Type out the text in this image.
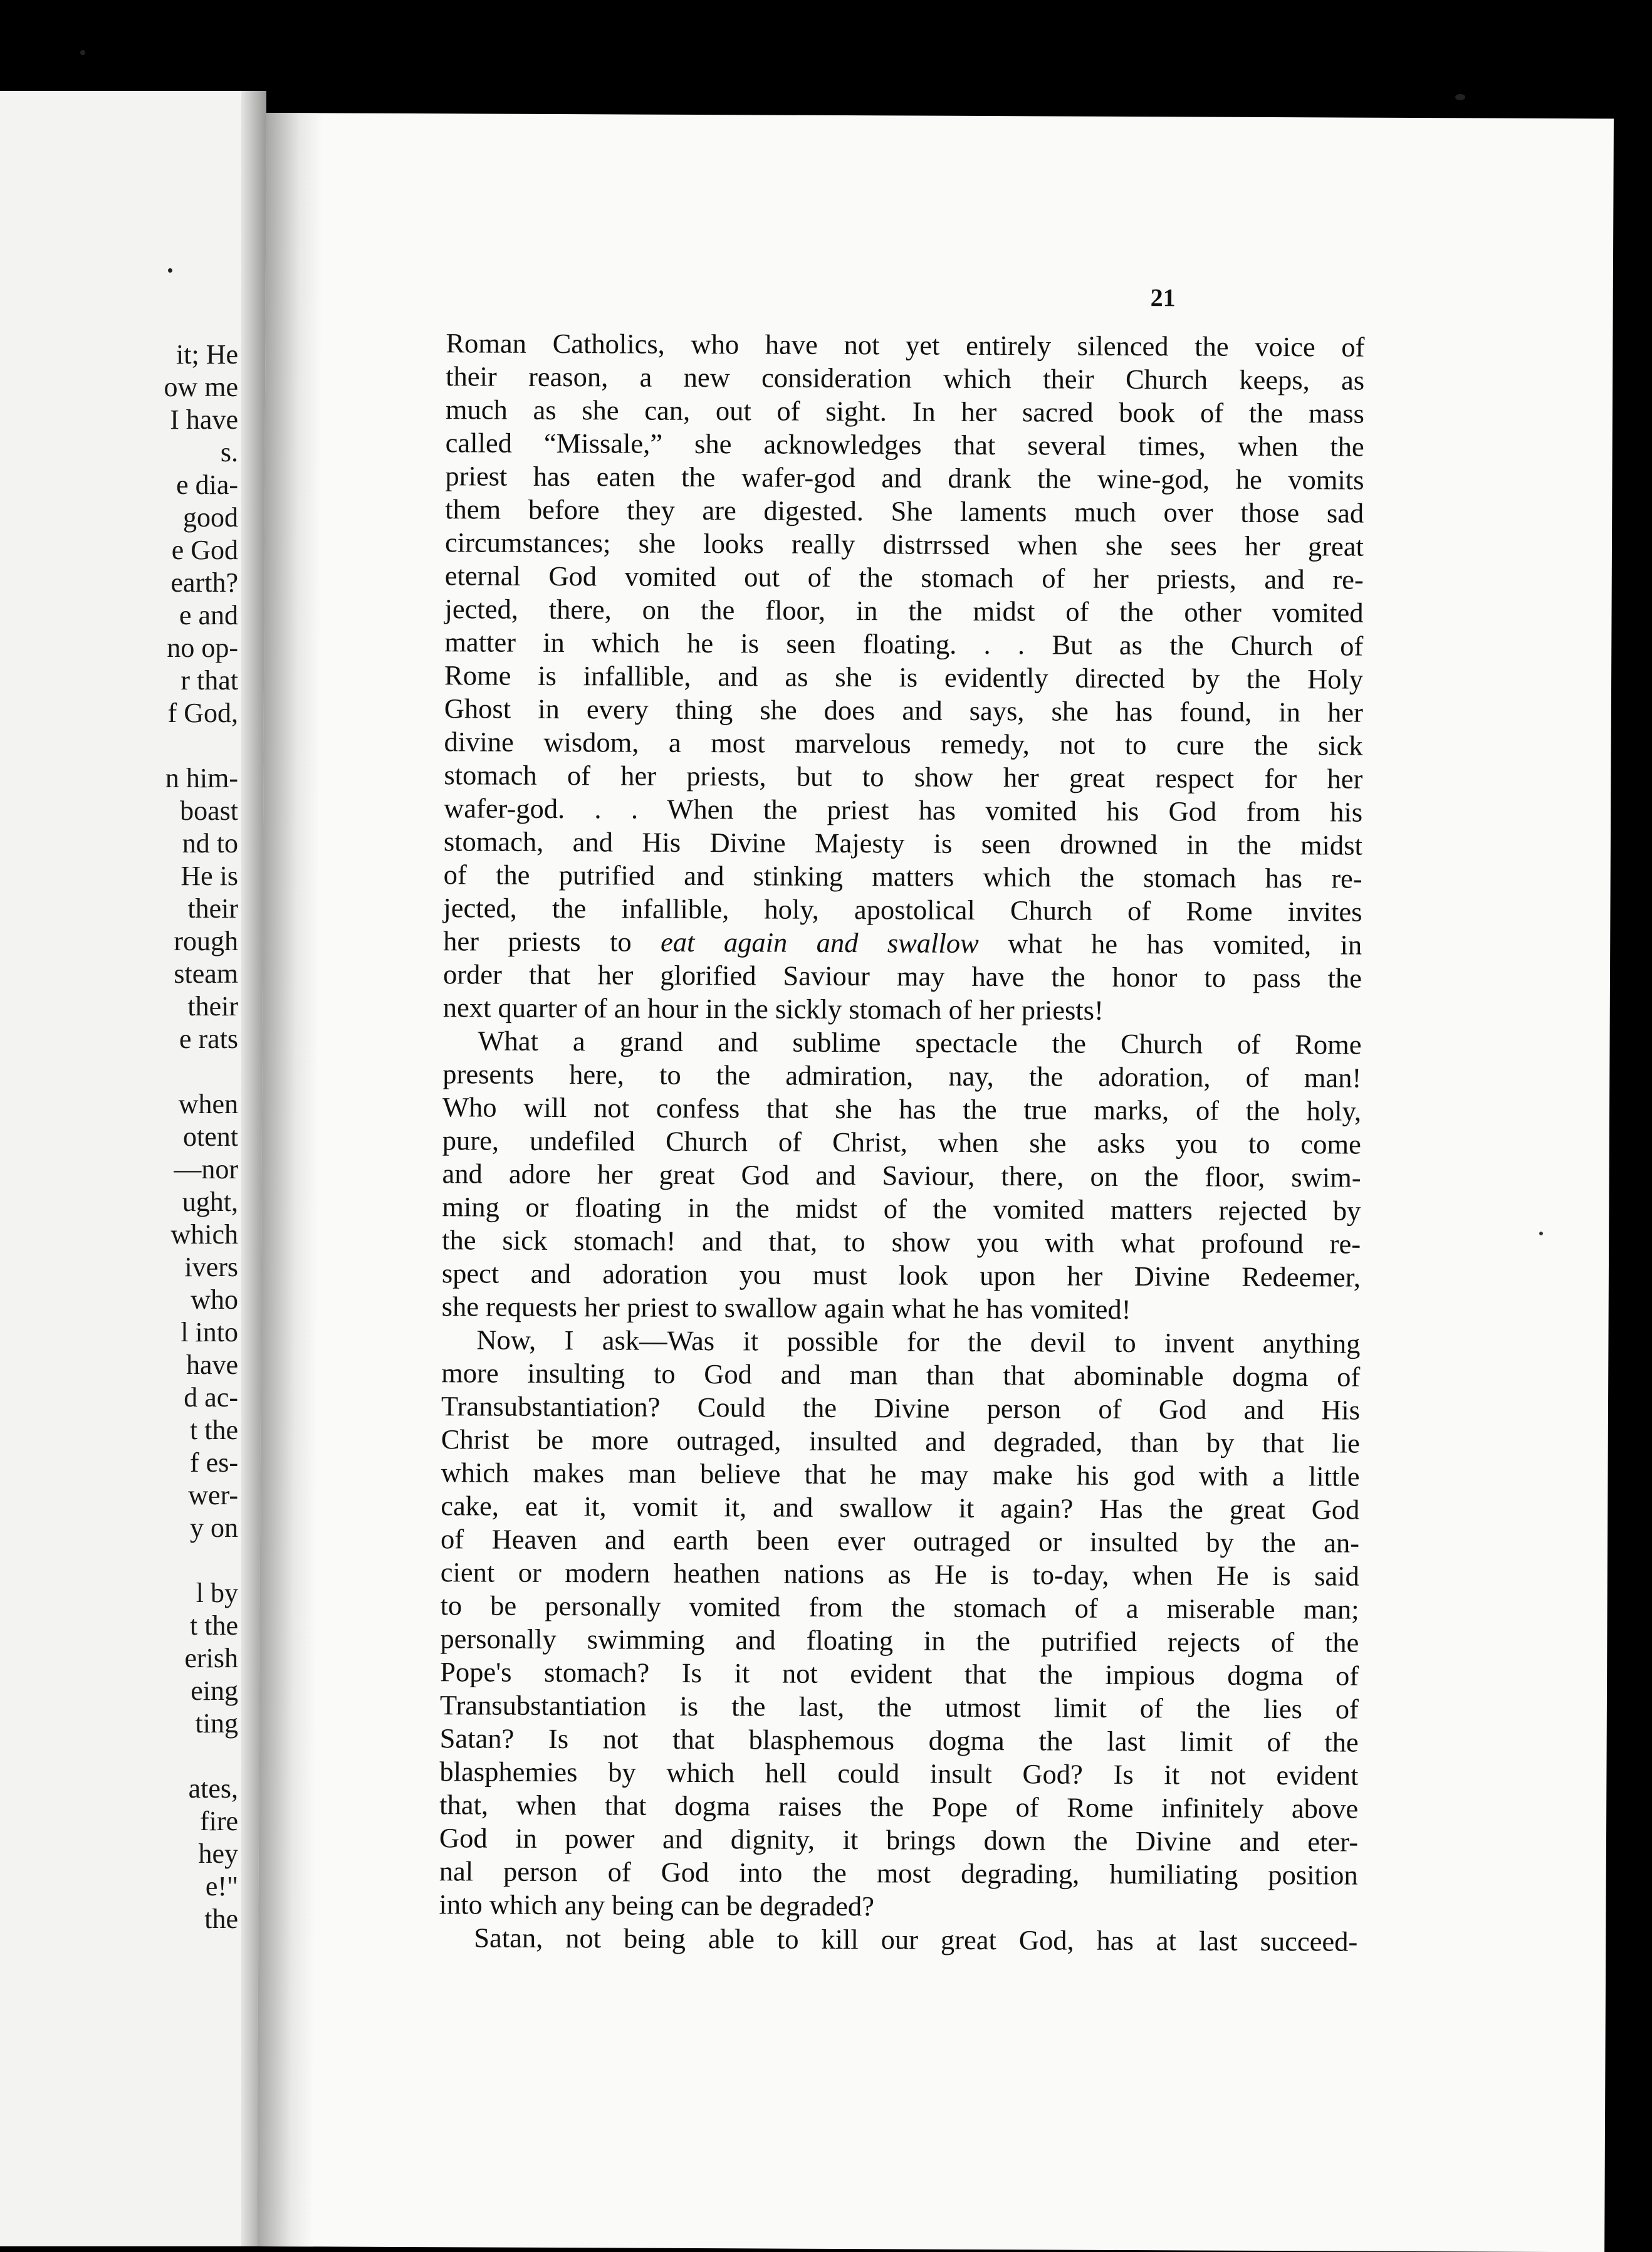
it; He
ow me
I have
s.
e dia-
good
e God
earth?
e and
no op-
r that
f God,
n him-
boast
nd to
He is
their
rough
steam
their
e rats
when
otent
—nor
ught,
which
ivers
who
l into
have
d ac-
t the
f es-
wer-
y on
l by
t the
erish
eing
ting
ates,
fire
hey
e!"
the
21
Roman Catholics, who have not yet entirely silenced the voice of
their reason, a new consideration which their Church keeps, as
much as she can, out of sight. In her sacred book of the mass
called “Missale,” she acknowledges that several times, when the
priest has eaten the wafer-god and drank the wine-god, he vomits
them before they are digested. She laments much over those sad
circumstances; she looks really distrrssed when she sees her great
eternal God vomited out of the stomach of her priests, and re-
jected, there, on the floor, in the midst of the other vomited
matter in which he is seen floating. . . But as the Church of
Rome is infallible, and as she is evidently directed by the Holy
Ghost in every thing she does and says, she has found, in her
divine wisdom, a most marvelous remedy, not to cure the sick
stomach of her priests, but to show her great respect for her
wafer-god. . . When the priest has vomited his God from his
stomach, and His Divine Majesty is seen drowned in the midst
of the putrified and stinking matters which the stomach has re-
jected, the infallible, holy, apostolical Church of Rome invites
her priests to eat again and swallow what he has vomited, in
order that her glorified Saviour may have the honor to pass the
next quarter of an hour in the sickly stomach of her priests!
What a grand and sublime spectacle the Church of Rome
presents here, to the admiration, nay, the adoration, of man!
Who will not confess that she has the true marks, of the holy,
pure, undefiled Church of Christ, when she asks you to come
and adore her great God and Saviour, there, on the floor, swim-
ming or floating in the midst of the vomited matters rejected by
the sick stomach! and that, to show you with what profound re-
spect and adoration you must look upon her Divine Redeemer,
she requests her priest to swallow again what he has vomited!
Now, I ask—Was it possible for the devil to invent anything
more insulting to God and man than that abominable dogma of
Transubstantiation? Could the Divine person of God and His
Christ be more outraged, insulted and degraded, than by that lie
which makes man believe that he may make his god with a little
cake, eat it, vomit it, and swallow it again? Has the great God
of Heaven and earth been ever outraged or insulted by the an-
cient or modern heathen nations as He is to-day, when He is said
to be personally vomited from the stomach of a miserable man;
personally swimming and floating in the putrified rejects of the
Pope's stomach? Is it not evident that the impious dogma of
Transubstantiation is the last, the utmost limit of the lies of
Satan? Is not that blasphemous dogma the last limit of the
blasphemies by which hell could insult God? Is it not evident
that, when that dogma raises the Pope of Rome infinitely above
God in power and dignity, it brings down the Divine and eter-
nal person of God into the most degrading, humiliating position
into which any being can be degraded?
Satan, not being able to kill our great God, has at last succeed-
